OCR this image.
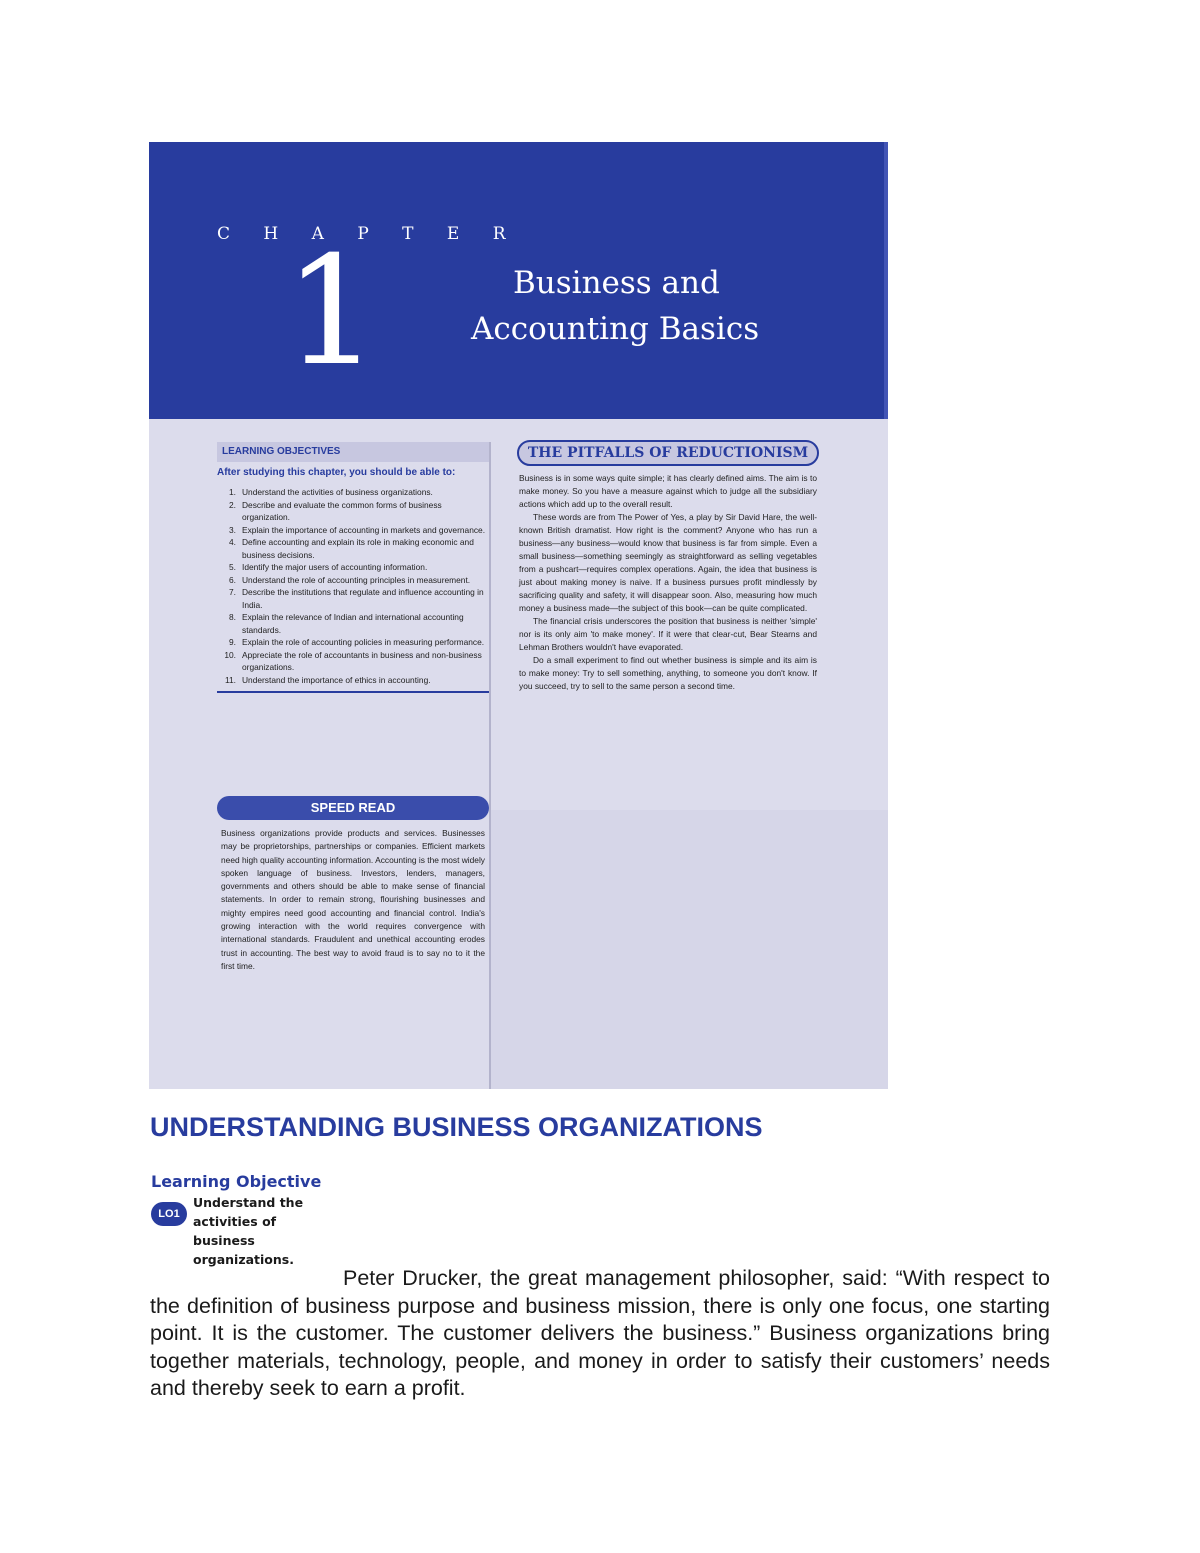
C H A P T E R
1	Business and
Accounting Basics
LEARNING OBJECTIVES
After studying this chapter, you should be able to:
1. Understand the activities of business organizations.
2. Describe and evaluate the common forms of business organization.
3. Explain the importance of accounting in markets and governance.
4. Define accounting and explain its role in making economic and business decisions.
5. Identify the major users of accounting information.
6. Understand the role of accounting principles in measurement.
7. Describe the institutions that regulate and influence accounting in India.
8. Explain the relevance of Indian and international accounting standards.
9. Explain the role of accounting policies in measuring performance.
10. Appreciate the role of accountants in business and non-business organizations.
11. Understand the importance of ethics in accounting.
SPEED READ
Business organizations provide products and services. Businesses may be proprietorships, partnerships or companies. Efficient markets need high quality accounting information. Accounting is the most widely spoken language of business. Investors, lenders, managers, governments and others should be able to make sense of financial statements. In order to remain strong, flourishing businesses and mighty empires need good accounting and financial control. India's growing interaction with the world requires convergence with international standards. Fraudulent and unethical accounting erodes trust in accounting. The best way to avoid fraud is to say no to it the first time.
THE PITFALLS OF REDUCTIONISM

Business is in some ways quite simple; it has clearly defined aims. The aim is to make money. So you have a measure against which to judge all the subsidiary actions which add up to the overall result.

These words are from The Power of Yes, a play by Sir David Hare, the well-known British dramatist. How right is the comment? Anyone who has run a business—any business—would know that business is far from simple. Even a small business—something seemingly as straightforward as selling vegetables from a pushcart—requires complex operations. Again, the idea that business is just about making money is naive. If a business pursues profit mindlessly by sacrificing quality and safety, it will disappear soon. Also, measuring how much money a business made—the subject of this book—can be quite complicated.

The financial crisis underscores the position that business is neither 'simple' nor is its only aim 'to make money'. If it were that clear-cut, Bear Stearns and Lehman Brothers wouldn't have evaporated.

Do a small experiment to find out whether business is simple and its aim is to make money: Try to sell something, anything, to someone you don't know. If you succeed, try to sell to the same person a second time.

UNDERSTANDING BUSINESS ORGANIZATIONS
Learning Objective
LO1
Understand the activities of business organizations.
Peter Drucker, the great management philosopher, said: “With respect to the definition of business purpose and business mission, there is only one focus, one starting point. It is the customer. The customer delivers the business.” Business organizations bring together materials, technology, people, and money in order to satisfy their customers’ needs and thereby seek to earn a profit.
